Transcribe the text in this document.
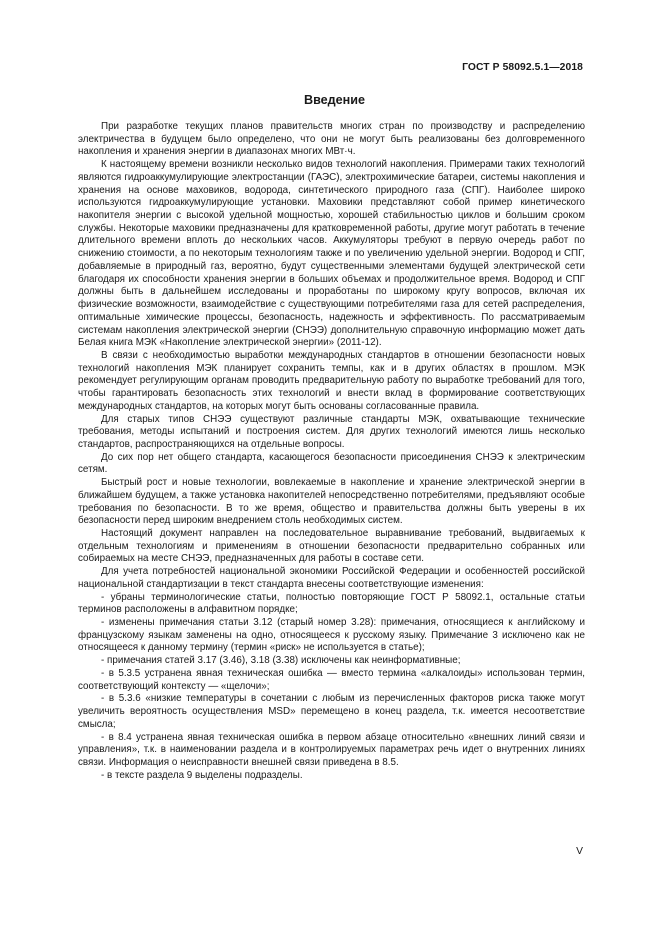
ГОСТ Р 58092.5.1—2018
Введение

При разработке текущих планов правительств многих стран по производству и распределению электричества в будущем было определено, что они не могут быть реализованы без долговременного накопления и хранения энергии в диапазонах многих МВт·ч.

К настоящему времени возникли несколько видов технологий накопления. Примерами таких технологий являются гидроаккумулирующие электростанции (ГАЭС), электрохимические батареи, системы накопления и хранения на основе маховиков, водорода, синтетического природного газа (СПГ). Наиболее широко используются гидроаккумулирующие установки. Маховики представляют собой пример кинетического накопителя энергии с высокой удельной мощностью, хорошей стабильностью циклов и большим сроком службы. Некоторые маховики предназначены для кратковременной работы, другие могут работать в течение длительного времени вплоть до нескольких часов. Аккумуляторы требуют в первую очередь работ по снижению стоимости, а по некоторым технологиям также и по увеличению удельной энергии. Водород и СПГ, добавляемые в природный газ, вероятно, будут существенными элементами будущей электрической сети благодаря их способности хранения энергии в больших объемах и продолжительное время. Водород и СПГ должны быть в дальнейшем исследованы и проработаны по широкому кругу вопросов, включая их физические возможности, взаимодействие с существующими потребителями газа для сетей распределения, оптимальные химические процессы, безопасность, надежность и эффективность. По рассматриваемым системам накопления электрической энергии (СНЭЭ) дополнительную справочную информацию может дать Белая книга МЭК «Накопление электрической энергии» (2011-12).

В связи с необходимостью выработки международных стандартов в отношении безопасности новых технологий накопления МЭК планирует сохранить темпы, как и в других областях в прошлом. МЭК рекомендует регулирующим органам проводить предварительную работу по выработке требований для того, чтобы гарантировать безопасность этих технологий и внести вклад в формирование соответствующих международных стандартов, на которых могут быть основаны согласованные правила.

Для старых типов СНЭЭ существуют различные стандарты МЭК, охватывающие технические требования, методы испытаний и построения систем. Для других технологий имеются лишь несколько стандартов, распространяющихся на отдельные вопросы.

До сих пор нет общего стандарта, касающегося безопасности присоединения СНЭЭ к электрическим сетям.

Быстрый рост и новые технологии, вовлекаемые в накопление и хранение электрической энергии в ближайшем будущем, а также установка накопителей непосредственно потребителями, предъявляют особые требования по безопасности. В то же время, общество и правительства должны быть уверены в их безопасности перед широким внедрением столь необходимых систем.

Настоящий документ направлен на последовательное выравнивание требований, выдвигаемых к отдельным технологиям и применениям в отношении безопасности предварительно собранных или собираемых на месте СНЭЭ, предназначенных для работы в составе сети.

Для учета потребностей национальной экономики Российской Федерации и особенностей российской национальной стандартизации в текст стандарта внесены соответствующие изменения:

- убраны терминологические статьи, полностью повторяющие ГОСТ Р 58092.1, остальные статьи терминов расположены в алфавитном порядке;

- изменены примечания статьи 3.12 (старый номер 3.28): примечания, относящиеся к английскому и французскому языкам заменены на одно, относящееся к русскому языку. Примечание 3 исключено как не относящееся к данному термину (термин «риск» не используется в статье);

- примечания статей 3.17 (3.46), 3.18 (3.38) исключены как неинформативные;

- в 5.3.5 устранена явная техническая ошибка — вместо термина «алкалоиды» использован термин, соответствующий контексту — «щелочи»;

- в 5.3.6 «низкие температуры в сочетании с любым из перечисленных факторов риска также могут увеличить вероятность осуществления MSD» перемещено в конец раздела, т.к. имеется несоответствие смысла;

- в 8.4 устранена явная техническая ошибка в первом абзаце относительно «внешних линий связи и управления», т.к. в наименовании раздела и в контролируемых параметрах речь идет о внутренних линиях связи. Информация о неисправности внешней связи приведена в 8.5.

- в тексте раздела 9 выделены подразделы.

V
